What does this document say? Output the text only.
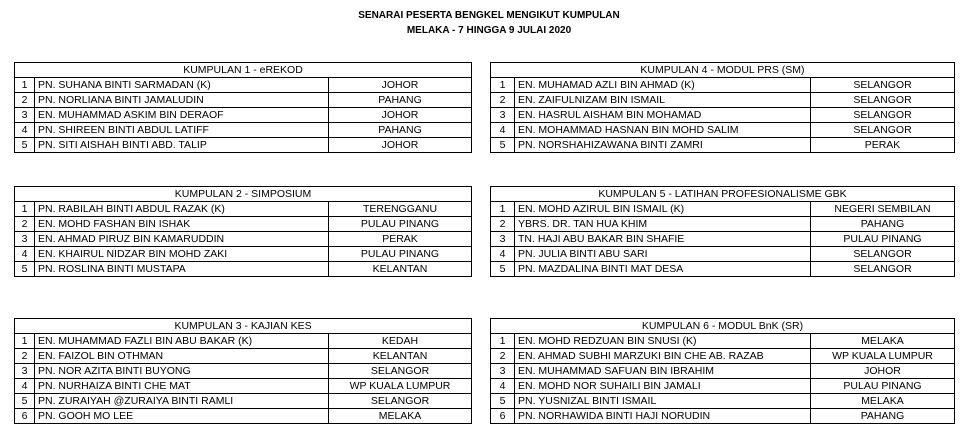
SENARAI PESERTA BENGKEL MENGIKUT KUMPULAN
MELAKA - 7 HINGGA 9 JULAI 2020
KUMPULAN 1 - eREKOD		
1	PN. SUHANA BINTI SARMADAN (K)	JOHOR
2	PN. NORLIANA BINTI JAMALUDIN	PAHANG
3	EN. MUHAMMAD ASKIM BIN DERAOF	JOHOR
4	PN. SHIREEN BINTI ABDUL LATIFF	PAHANG
5	PN. SITI AISHAH BINTI ABD. TALIP	JOHOR
KUMPULAN 2 - SIMPOSIUM		
1	PN. RABILAH BINTI ABDUL RAZAK (K)	TERENGGANU
2	EN. MOHD FASHAN BIN ISHAK	PULAU PINANG
3	EN. AHMAD PIRUZ BIN KAMARUDDIN	PERAK
4	EN. KHAIRUL NIDZAR BIN MOHD ZAKI	PULAU PINANG
5	PN. ROSLINA BINTI MUSTAPA	KELANTAN
KUMPULAN 3 - KAJIAN KES		
1	EN. MUHAMMAD FAZLI BIN ABU BAKAR (K)	KEDAH
2	EN. FAIZOL BIN OTHMAN	KELANTAN
3	PN. NOR AZITA BINTI BUYONG	SELANGOR
4	PN. NURHAIZA BINTI CHE MAT	WP KUALA LUMPUR
5	PN. ZURAIYAH @ZURAIYA BINTI RAMLI	SELANGOR
6	PN. GOOH MO LEE	MELAKA
KUMPULAN 4 - MODUL PRS (SM)		
1	EN. MUHAMAD AZLI BIN AHMAD (K)	SELANGOR
2	EN. ZAIFULNIZAM BIN ISMAIL	SELANGOR
3	EN. HASRUL AISHAM BIN MOHAMAD	SELANGOR
4	EN. MOHAMMAD HASNAN BIN MOHD SALIM	SELANGOR
5	PN. NORSHAHIZAWANA BINTI ZAMRI	PERAK
KUMPULAN 5 - LATIHAN PROFESIONALISME GBK		
1	EN. MOHD AZIRUL BIN ISMAIL (K)	NEGERI SEMBILAN
2	YBRS. DR. TAN HUA KHIM	PAHANG
3	TN. HAJI ABU BAKAR BIN SHAFIE	PULAU PINANG
4	PN. JULIA BINTI ABU SARI	SELANGOR
5	PN. MAZDALINA BINTI MAT DESA	SELANGOR
KUMPULAN 6 - MODUL BnK (SR)		
1	EN. MOHD REDZUAN BIN SNUSI (K)	MELAKA
2	EN. AHMAD SUBHI MARZUKI BIN CHE AB. RAZAB	WP KUALA LUMPUR
3	EN. MUHAMMAD SAFUAN BIN IBRAHIM	JOHOR
4	EN. MOHD NOR SUHAILI BIN JAMALI	PULAU PINANG
5	PN. YUSNIZAL BINTI ISMAIL	MELAKA
6	PN. NORHAWIDA BINTI HAJI NORUDIN	PAHANG
